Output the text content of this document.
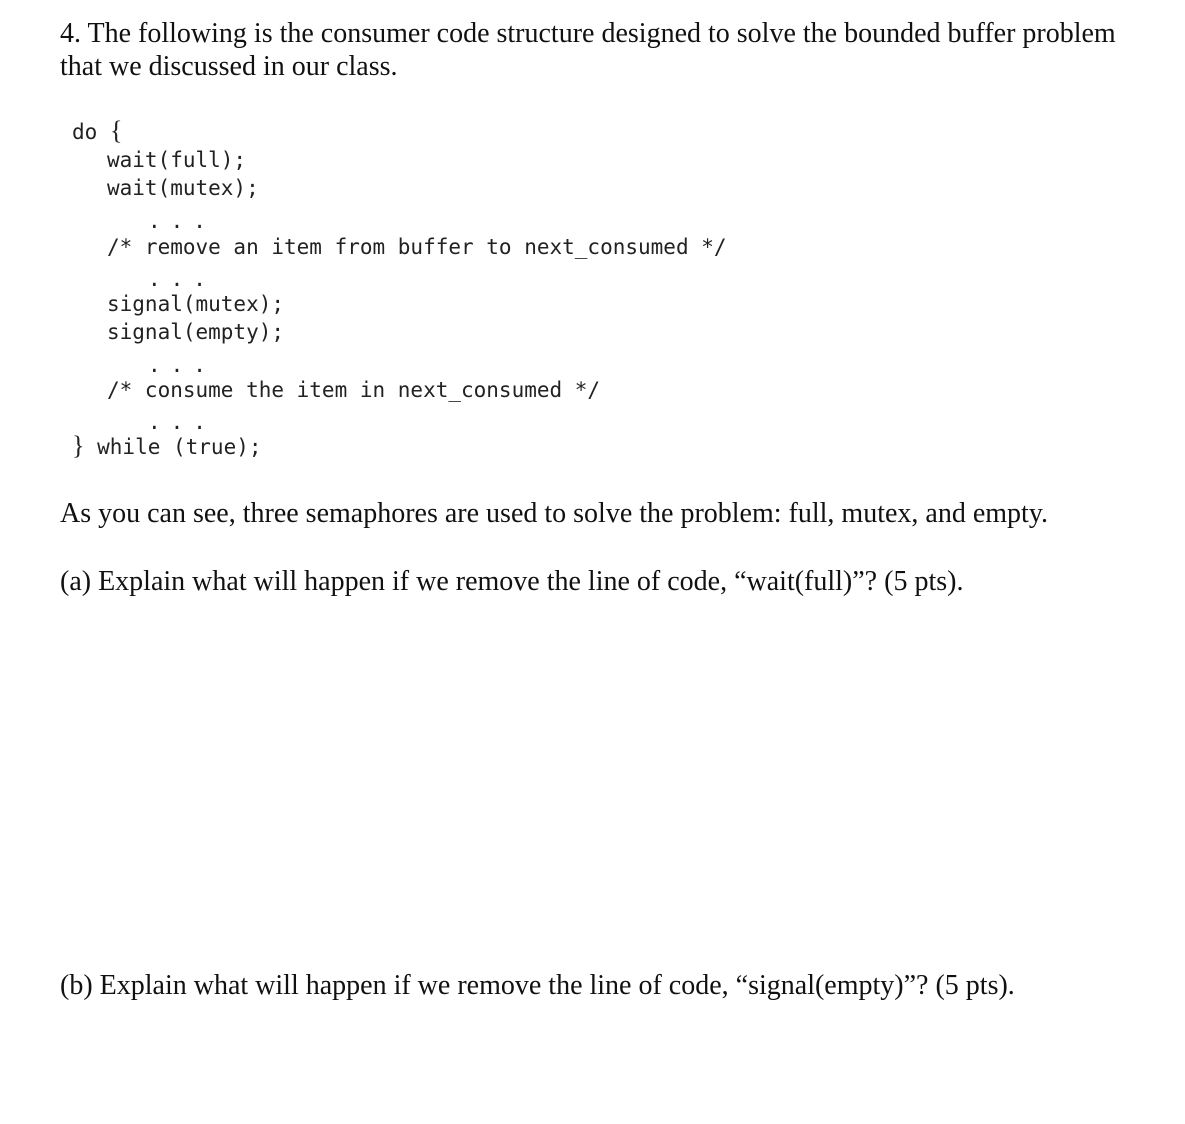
4. The following is the consumer code structure designed to solve the bounded buffer problem
that we discussed in our class.
do {
wait(full);
wait(mutex);
...
/* remove an item from buffer to next_consumed */
...
signal(mutex);
signal(empty);
...
/* consume the item in next_consumed */
...
} while (true);
As you can see, three semaphores are used to solve the problem: full, mutex, and empty.
(a) Explain what will happen if we remove the line of code, “wait(full)”? (5 pts).
(b) Explain what will happen if we remove the line of code, “signal(empty)”? (5 pts).
